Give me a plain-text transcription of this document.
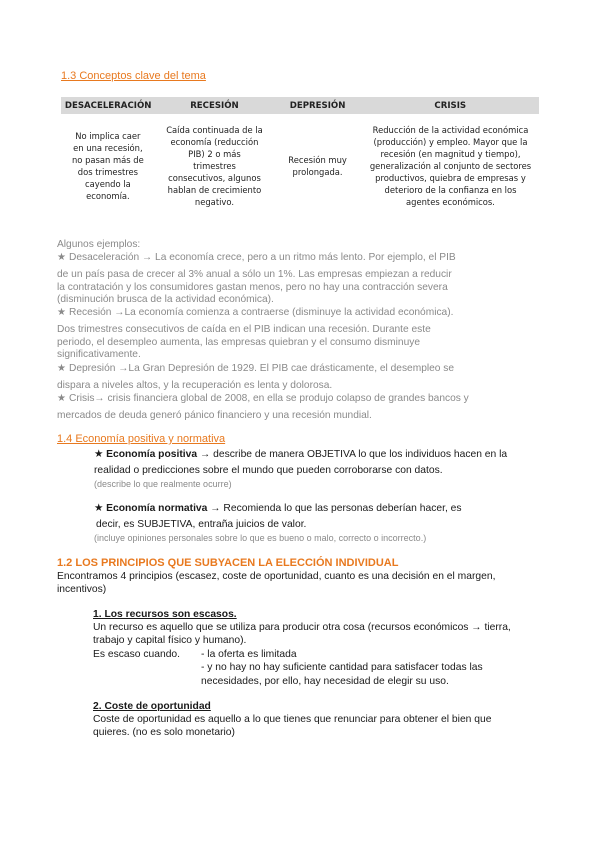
1.3 Conceptos clave del tema
DESACELERACIÓN	RECESIÓN	DEPRESIÓN	CRISIS
No implica caer en una recesión, no pasan más de dos trimestres cayendo la economía.	Caída continuada de la economía (reducción PIB) 2 o más trimestres consecutivos, algunos hablan de crecimiento negativo.	Recesión muy prolongada.	Reducción de la actividad económica (producción) y empleo. Mayor que la recesión (en magnitud y tiempo), generalización al conjunto de sectores productivos, quiebra de empresas y deterioro de la confianza en los agentes económicos.
Algunos ejemplos:
★ Desaceleración → La economía crece, pero a un ritmo más lento. Por ejemplo, el PIB
de un país pasa de crecer al 3% anual a sólo un 1%. Las empresas empiezan a reducir
la contratación y los consumidores gastan menos, pero no hay una contracción severa
(disminución brusca de la actividad económica).
★ Recesión →La economía comienza a contraerse (disminuye la actividad económica).
Dos trimestres consecutivos de caída en el PIB indican una recesión. Durante este
periodo, el desempleo aumenta, las empresas quiebran y el consumo disminuye
significativamente.
★ Depresión →La Gran Depresión de 1929. El PIB cae drásticamente, el desempleo se
dispara a niveles altos, y la recuperación es lenta y dolorosa.
★ Crisis→ crisis financiera global de 2008, en ella se produjo colapso de grandes bancos y
mercados de deuda generó pánico financiero y una recesión mundial.
1.4 Economía positiva y normativa
★ Economía positiva → describe de manera OBJETIVA lo que los individuos hacen en la
realidad o predicciones sobre el mundo que pueden corroborarse con datos.
(describe lo que realmente ocurre)
★ Economía normativa → Recomienda lo que las personas deberían hacer, es
decir, es SUBJETIVA, entraña juicios de valor.
(incluye opiniones personales sobre lo que es bueno o malo, correcto o incorrecto.)
1.2 LOS PRINCIPIOS QUE SUBYACEN LA ELECCIÓN INDIVIDUAL
Encontramos 4 principios (escasez, coste de oportunidad, cuanto es una decisión en el margen,
incentivos)
1. Los recursos son escasos.
Un recurso es aquello que se utiliza para producir otra cosa (recursos económicos → tierra,
trabajo y capital físico y humano).
Es escaso cuando. - la oferta es limitada
- y no hay no hay suficiente cantidad para satisfacer todas las
necesidades, por ello, hay necesidad de elegir su uso.
2. Coste de oportunidad
Coste de oportunidad es aquello a lo que tienes que renunciar para obtener el bien que
quieres. (no es solo monetario)
